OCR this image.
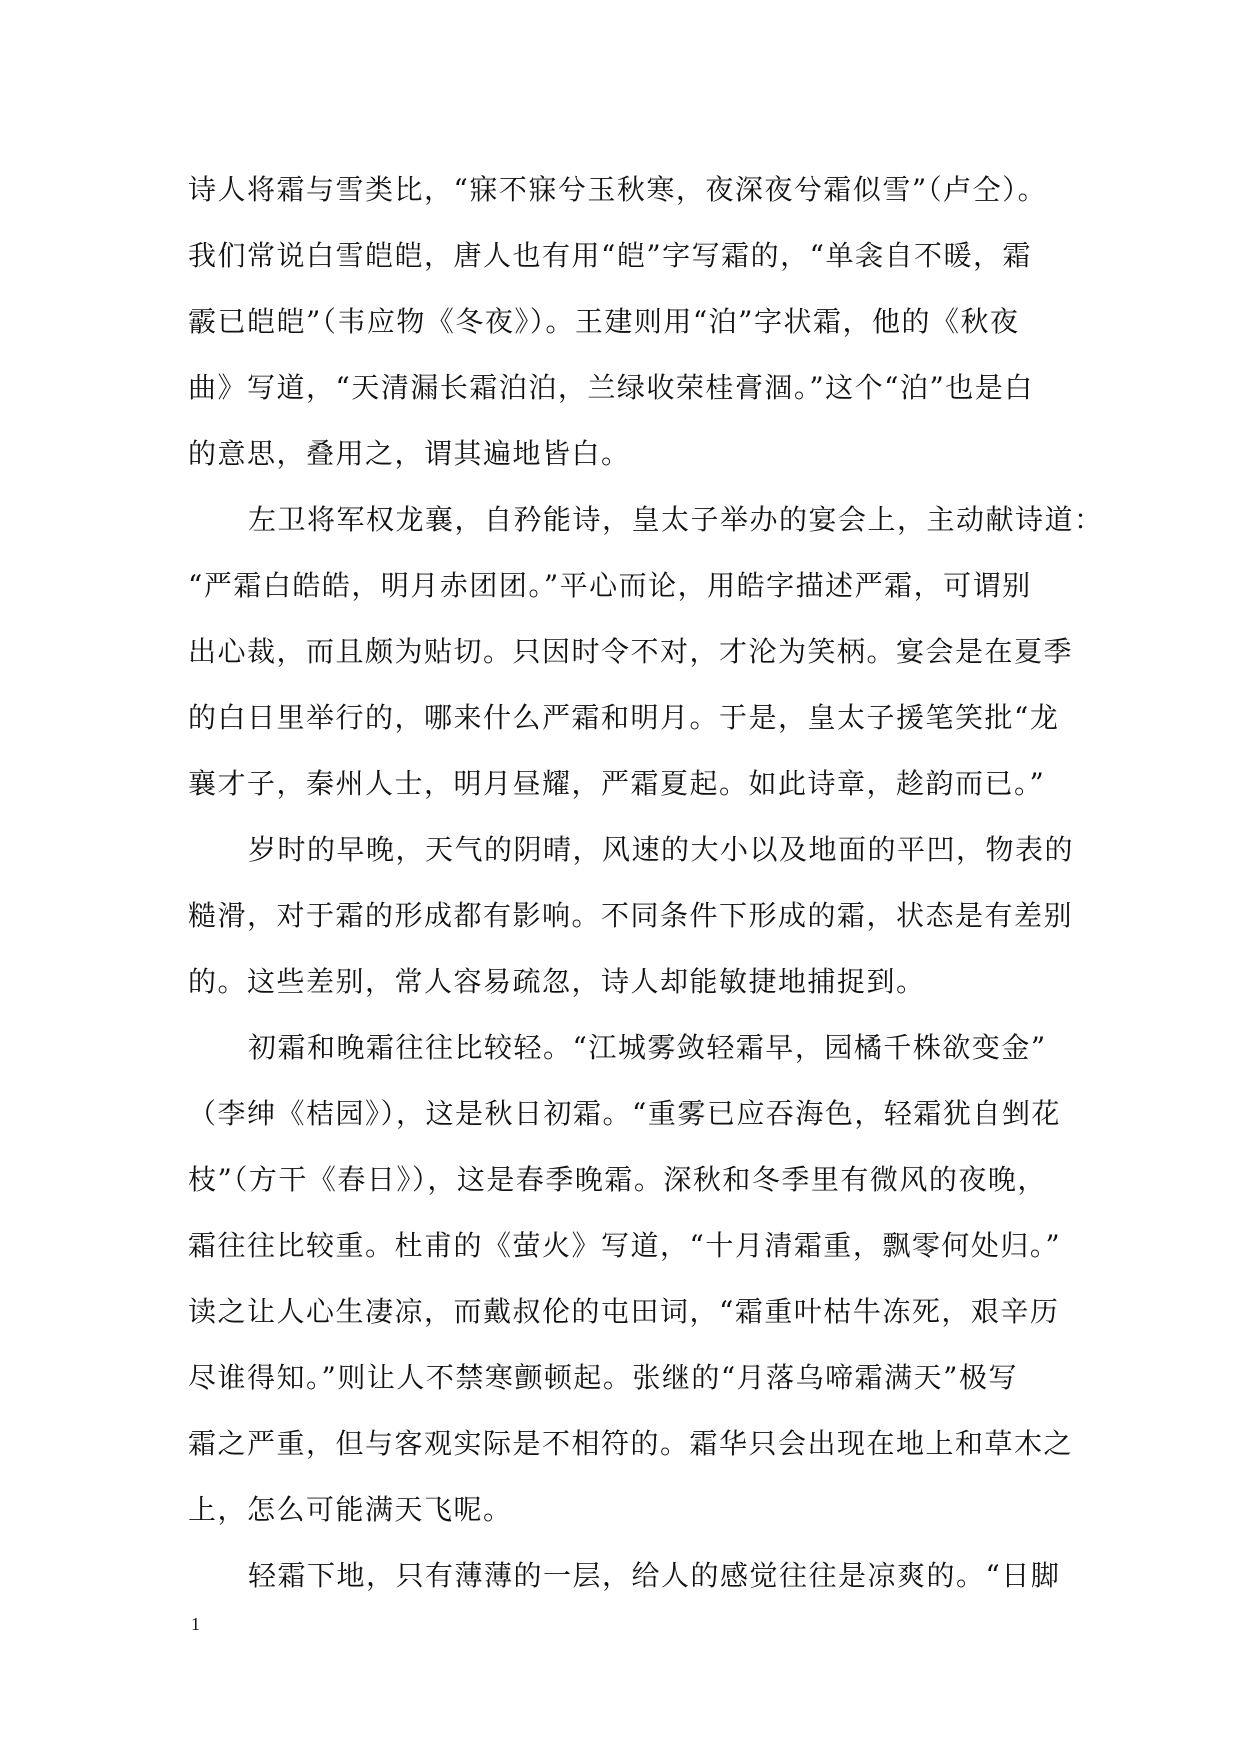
诗人将霜与雪类比，“寐不寐兮玉秋寒，夜深夜兮霜似雪”（卢仝）。
我们常说白雪皑皑，唐人也有用“皑”字写霜的，“单衾自不暖，霜
霰已皑皑”（韦应物《冬夜》）。王建则用“泊”字状霜，他的《秋夜
曲》写道，“天清漏长霜泊泊，兰绿收荣桂膏涸。”这个“泊”也是白
的意思，叠用之，谓其遍地皆白。
左卫将军权龙襄，自矜能诗，皇太子举办的宴会上，主动献诗道：
“严霜白皓皓，明月赤团团。”平心而论，用皓字描述严霜，可谓别
出心裁，而且颇为贴切。只因时令不对，才沦为笑柄。宴会是在夏季
的白日里举行的，哪来什么严霜和明月。于是，皇太子援笔笑批“龙
襄才子，秦州人士，明月昼耀，严霜夏起。如此诗章，趁韵而已。”
岁时的早晚，天气的阴晴，风速的大小以及地面的平凹，物表的
糙滑，对于霜的形成都有影响。不同条件下形成的霜，状态是有差别
的。这些差别，常人容易疏忽，诗人却能敏捷地捕捉到。
初霜和晚霜往往比较轻。“江城雾敛轻霜早，园橘千株欲变金”
（李绅《桔园》），这是秋日初霜。“重雾已应吞海色，轻霜犹自剉花
枝”（方干《春日》），这是春季晚霜。深秋和冬季里有微风的夜晚，
霜往往比较重。杜甫的《萤火》写道，“十月清霜重，飘零何处归。”
读之让人心生凄凉，而戴叔伦的屯田词，“霜重叶枯牛冻死，艰辛历
尽谁得知。”则让人不禁寒颤顿起。张继的“月落乌啼霜满天”极写
霜之严重，但与客观实际是不相符的。霜华只会出现在地上和草木之
上，怎么可能满天飞呢。
轻霜下地，只有薄薄的一层，给人的感觉往往是凉爽的。“日脚
1
